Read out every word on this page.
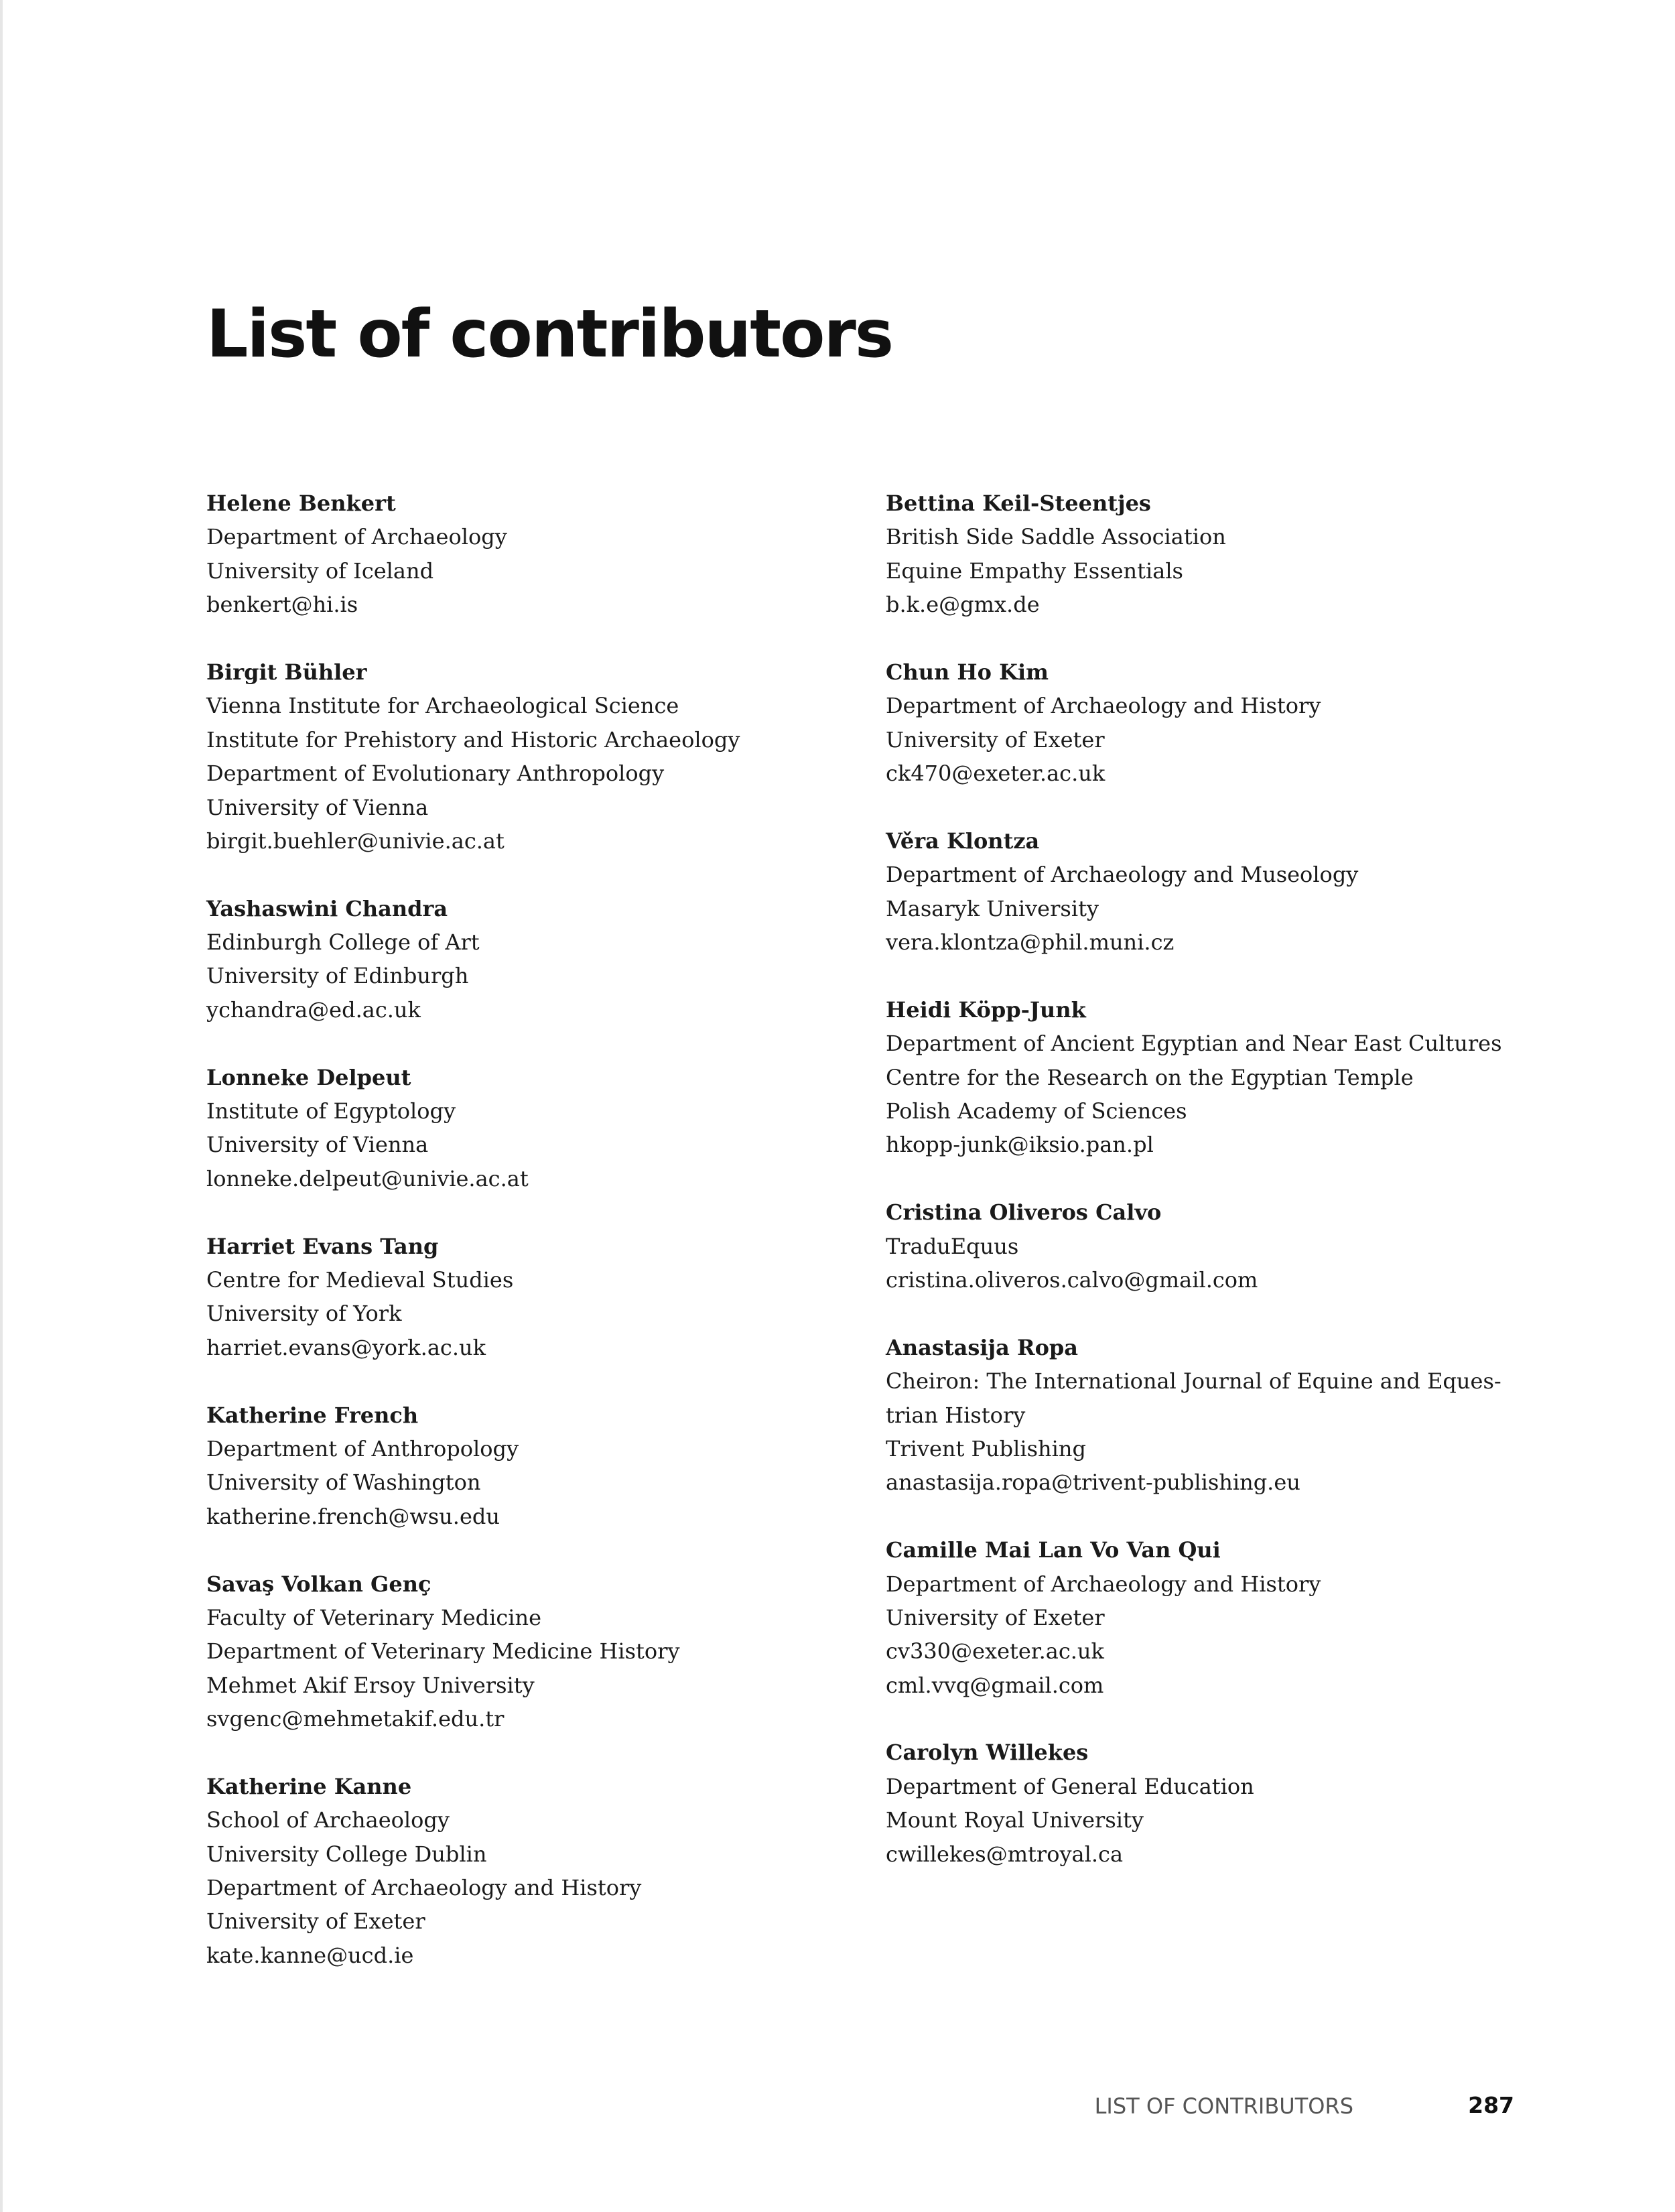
List of contributors
Helene Benkert
Department of Archaeology
University of Iceland
benkert@hi.is
Birgit Bühler
Vienna Institute for Archaeological Science
Institute for Prehistory and Historic Archaeology
Department of Evolutionary Anthropology
University of Vienna
birgit.buehler@univie.ac.at
Yashaswini Chandra
Edinburgh College of Art
University of Edinburgh
ychandra@ed.ac.uk
Lonneke Delpeut
Institute of Egyptology
University of Vienna
lonneke.delpeut@univie.ac.at
Harriet Evans Tang
Centre for Medieval Studies
University of York
harriet.evans@york.ac.uk
Katherine French
Department of Anthropology
University of Washington
katherine.french@wsu.edu
Savaş Volkan Genç
Faculty of Veterinary Medicine
Department of Veterinary Medicine History
Mehmet Akif Ersoy University
svgenc@mehmetakif.edu.tr
Katherine Kanne
School of Archaeology
University College Dublin
Department of Archaeology and History
University of Exeter
kate.kanne@ucd.ie
Bettina Keil-Steentjes
British Side Saddle Association
Equine Empathy Essentials
b.k.e@gmx.de
Chun Ho Kim
Department of Archaeology and History
University of Exeter
ck470@exeter.ac.uk
Věra Klontza
Department of Archaeology and Museology
Masaryk University
vera.klontza@phil.muni.cz
Heidi Köpp-Junk
Department of Ancient Egyptian and Near East Cultures
Centre for the Research on the Egyptian Temple
Polish Academy of Sciences
hkopp-junk@iksio.pan.pl
Cristina Oliveros Calvo
TraduEquus
cristina.oliveros.calvo@gmail.com
Anastasija Ropa
Cheiron: The International Journal of Equine and Eques-
trian History
Trivent Publishing
anastasija.ropa@trivent-publishing.eu
Camille Mai Lan Vo Van Qui
Department of Archaeology and History
University of Exeter
cv330@exeter.ac.uk
cml.vvq@gmail.com
Carolyn Willekes
Department of General Education
Mount Royal University
cwillekes@mtroyal.ca
LIST OF CONTRIBUTORS	287
